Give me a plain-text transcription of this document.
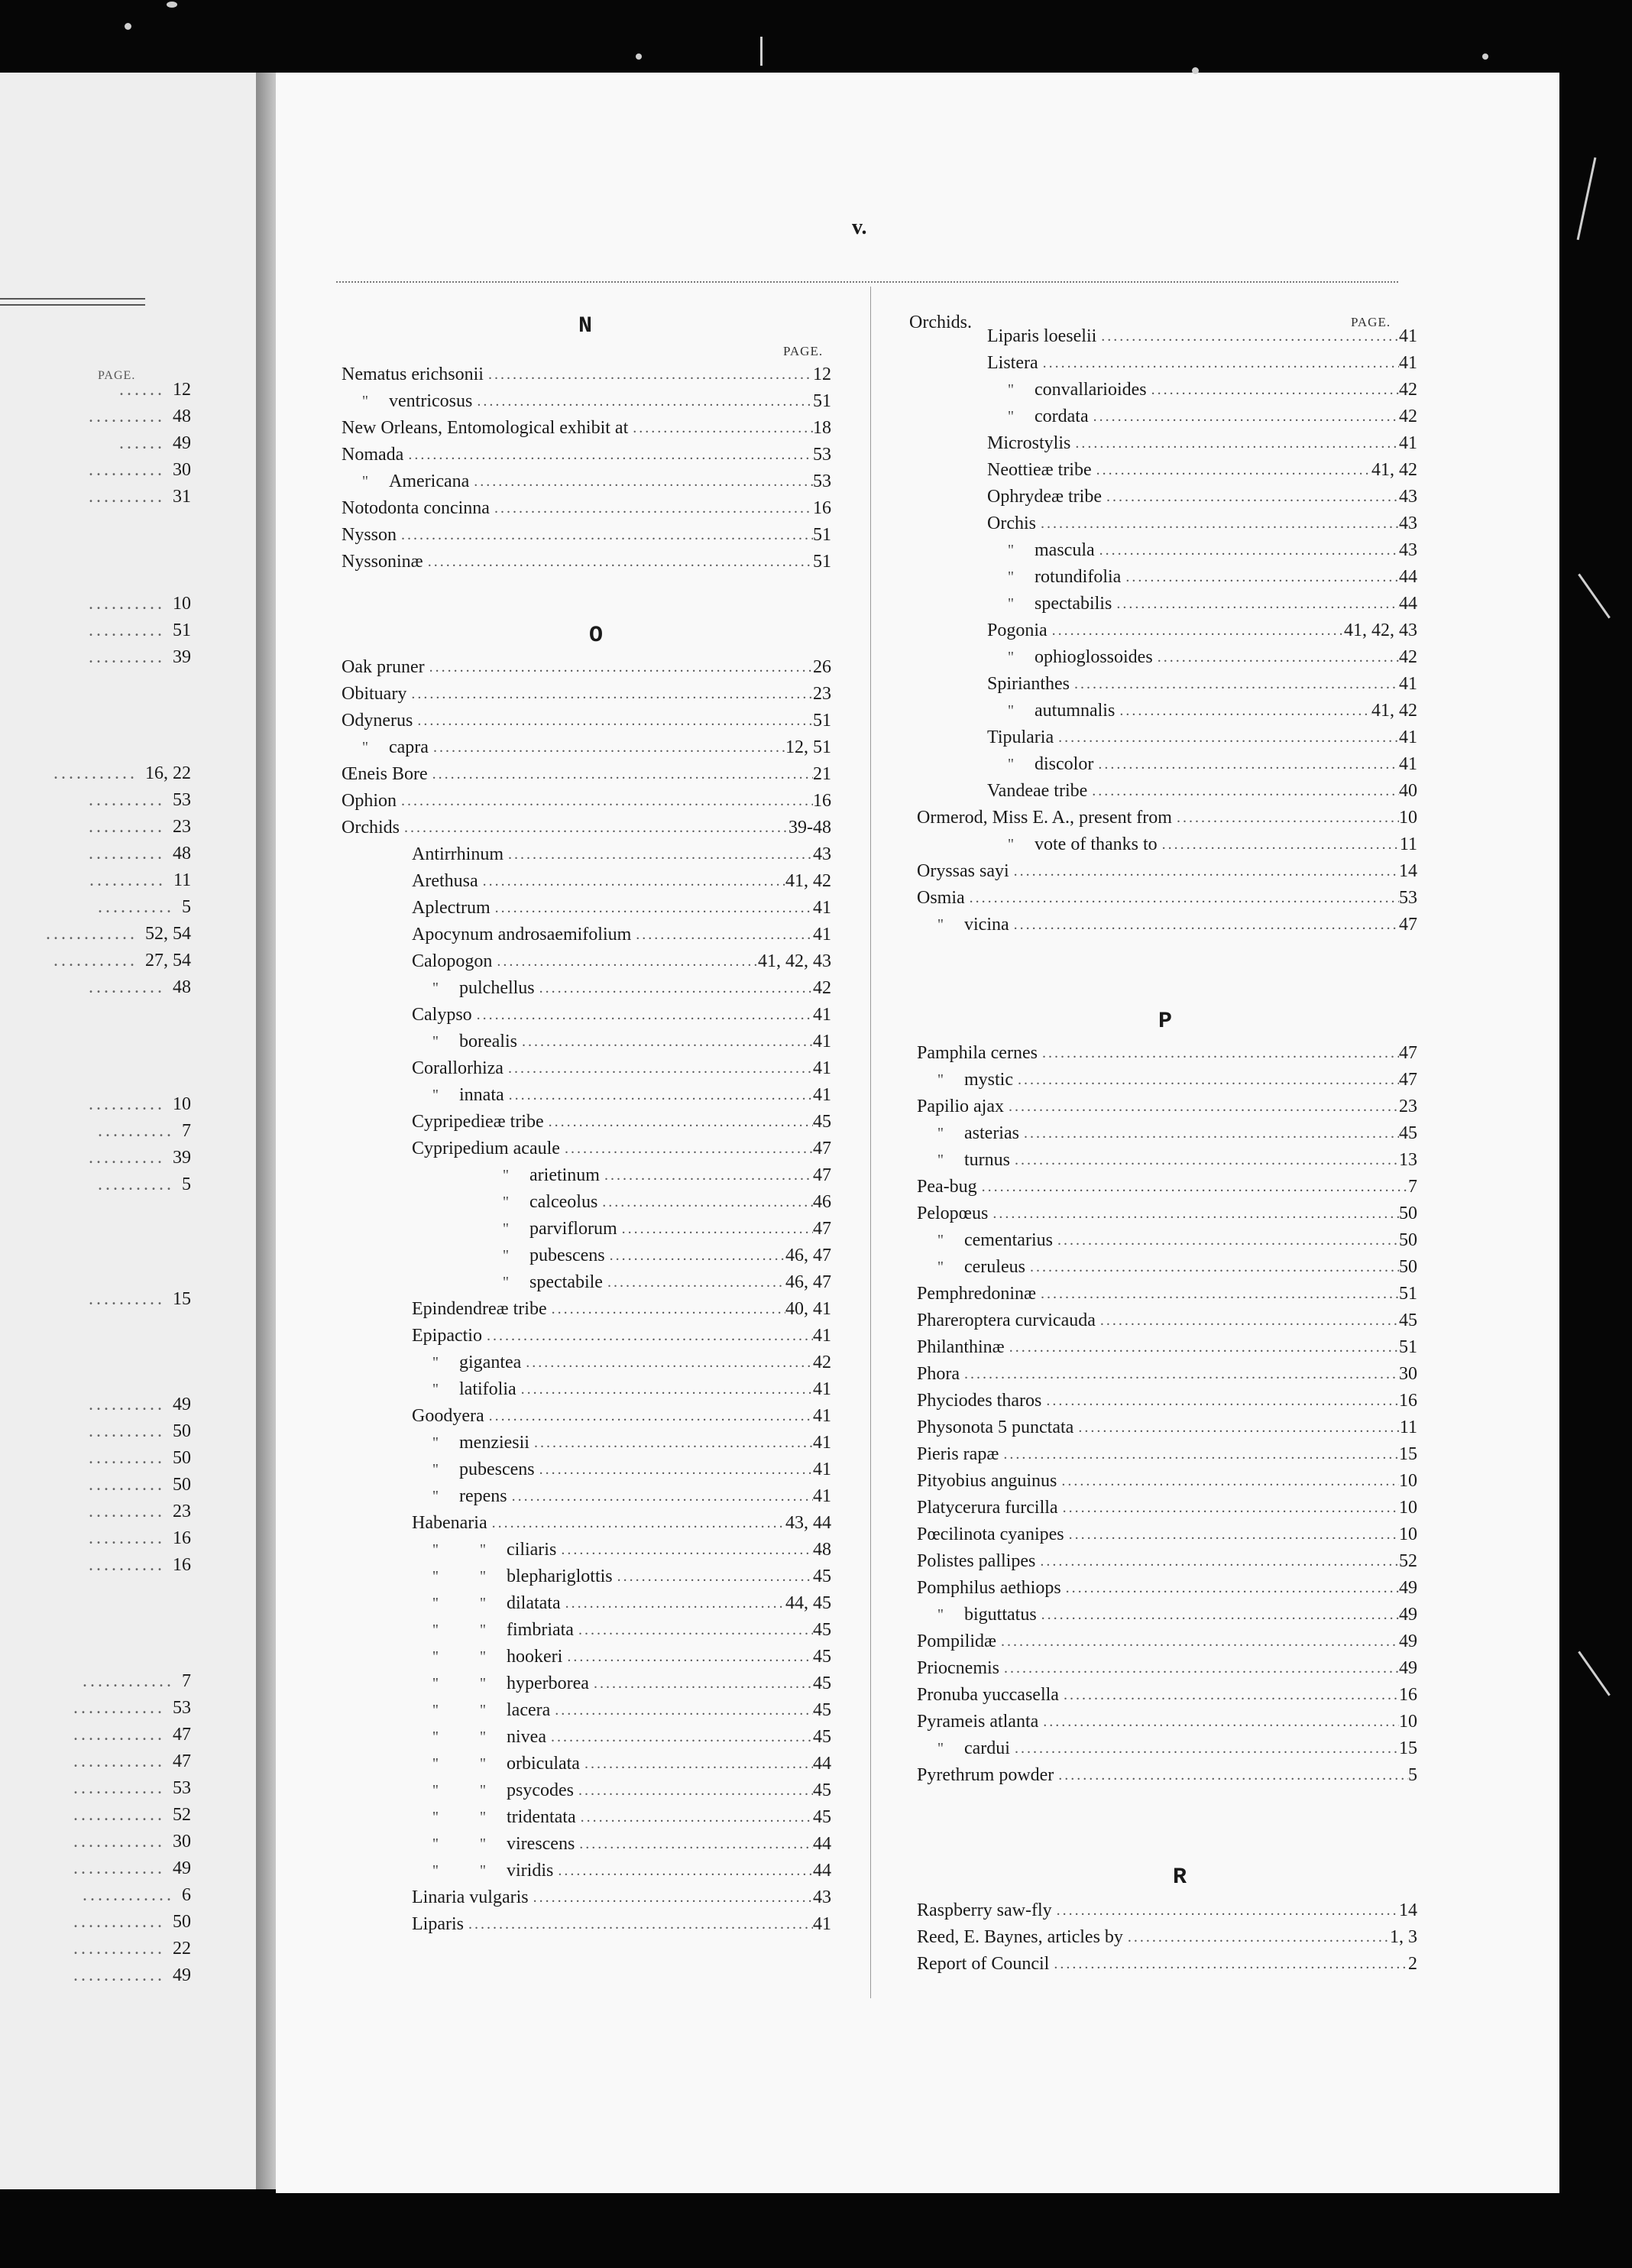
PAGE.
...... 12
.......... 48
...... 49
.......... 30
.......... 31
.......... 10
.......... 51
.......... 39
........... 16, 22
.......... 53
.......... 23
.......... 48
.......... 11
.......... 5
............ 52, 54
........... 27, 54
.......... 48
.......... 10
.......... 7
.......... 39
.......... 5
.......... 15
.......... 49
.......... 50
.......... 50
.......... 50
.......... 23
.......... 16
.......... 16
............ 7
............ 53
............ 47
............ 47
............ 53
............ 52
............ 30
............ 49
............ 6
............ 50
............ 22
............ 49
v.
N
PAGE.
O
Orchids.	PAGE.
P
R
Nematus erichsonii .....	12
"	ventricosus .....	51
New Orleans, Entomological exhibit at .....	18
Nomada .....	53
"	Americana .....	53
Notodonta concinna .....	16
Nysson .....	51
Nyssoninæ .....	51
Oak pruner .....	26
Obituary .....	23
Odynerus .....	51
"	capra .....	12, 51
Œneis Bore .....	21
Ophion .....	16
Orchids .....	39-48
Antirrhinum .....	43
Arethusa .....	41, 42
Aplectrum .....	41
Apocynum androsaemifolium .....	41
Calopogon .....	41, 42, 43
"	pulchellus .....	42
Calypso .....	41
"	borealis .....	41
Corallorhiza .....	41
"	innata .....	41
Cypripedieæ tribe .....	45
Cypripedium acaule .....	47
"	arietinum .....	47
"	calceolus .....	46
"	parviflorum .....	47
"	pubescens .....	46, 47
"	spectabile .....	46, 47
Epindendreæ tribe .....	40, 41
Epipactio .....	41
"	gigantea .....	42
"	latifolia .....	41
Goodyera .....	41
"	menziesii .....	41
"	pubescens .....	41
"	repens .....	41
Habenaria .....	43, 44
"	"	ciliaris .....	48
"	"	blephariglottis .....	45
"	"	dilatata .....	44, 45
"	"	fimbriata .....	45
"	"	hookeri .....	45
"	"	hyperborea .....	45
"	"	lacera .....	45
"	"	nivea .....	45
"	"	orbiculata .....	44
"	"	psycodes .....	45
"	"	tridentata .....	45
"	"	virescens .....	44
"	"	viridis .....	44
Linaria vulgaris .....	43
Liparis .....	41
Liparis loeselii .....	41
Listera .....	41
"	convallarioides .....	42
"	cordata .....	42
Microstylis .....	41
Neottieæ tribe .....	41, 42
Ophrydeæ tribe .....	43
Orchis .....	43
"	mascula .....	43
"	rotundifolia .....	44
"	spectabilis .....	44
Pogonia .....	41, 42, 43
"	ophioglossoides .....	42
Spirianthes .....	41
"	autumnalis .....	41, 42
Tipularia .....	41
"	discolor .....	41
Vandeae tribe .....	40
Ormerod, Miss E. A., present from .....	10
"	vote of thanks to .....	11
Oryssas sayi .....	14
Osmia .....	53
"	vicina .....	47
Pamphila cernes .....	47
"	mystic .....	47
Papilio ajax .....	23
"	asterias .....	45
"	turnus .....	13
Pea-bug .....	7
Pelopœus .....	50
"	cementarius .....	50
"	ceruleus .....	50
Pemphredoninæ .....	51
Phareroptera curvicauda .....	45
Philanthinæ .....	51
Phora .....	30
Phyciodes tharos .....	16
Physonota 5 punctata .....	11
Pieris rapæ .....	15
Pityobius anguinus .....	10
Platycerura furcilla .....	10
Pœcilinota cyanipes .....	10
Polistes pallipes .....	52
Pomphilus aethiops .....	49
"	biguttatus .....	49
Pompilidæ .....	49
Priocnemis .....	49
Pronuba yuccasella .....	16
Pyrameis atlanta .....	10
"	cardui .....	15
Pyrethrum powder .....	5
Raspberry saw-fly .....	14
Reed, E. Baynes, articles by .....	1, 3
Report of Council .....	2
